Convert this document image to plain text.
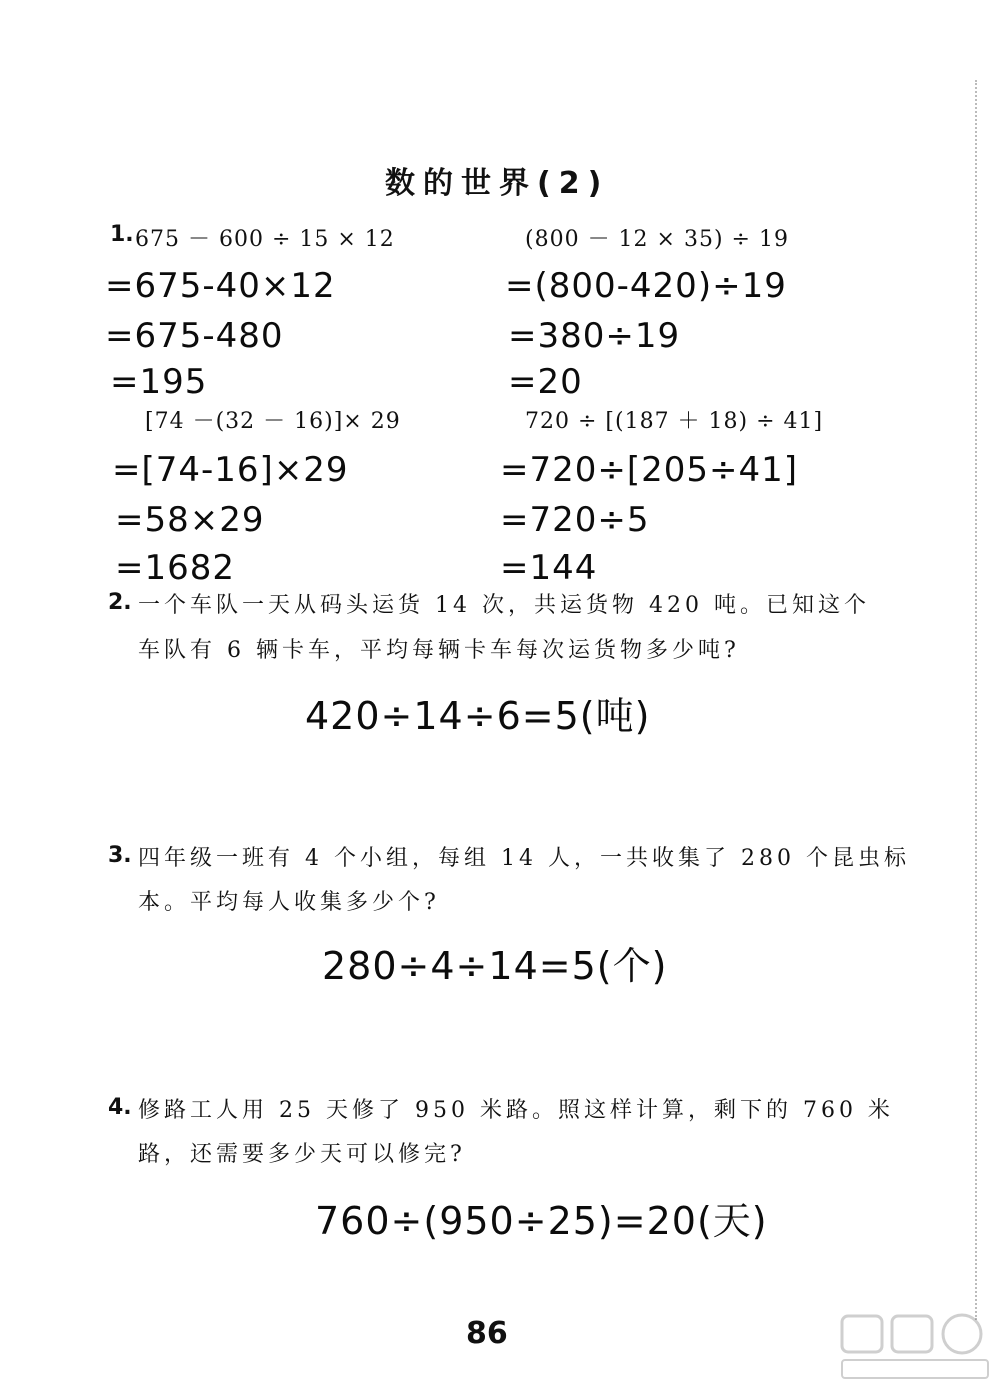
数的世界(2)
1. 675 － 600 ÷ 15 × 12	(800 － 12 × 35) ÷ 19
=675-40×12
=675-480
=195
=(800-420)÷19
=380÷19
=20
[74 －(32 － 16)]× 29	720 ÷ [(187 ＋ 18) ÷ 41]
=[74-16]×29
=58×29
=1682
=720÷[205÷41]
=720÷5
=144
2. 一个车队一天从码头运货 14 次，共运货物 420 吨。已知这个
车队有 6 辆卡车，平均每辆卡车每次运货物多少吨?
420÷14÷6=5(吨)
3. 四年级一班有 4 个小组，每组 14 人，一共收集了 280 个昆虫标
本。平均每人收集多少个?
280÷4÷14=5(个)
4. 修路工人用 25 天修了 950 米路。照这样计算，剩下的 760 米
路，还需要多少天可以修完?
760÷(950÷25)=20(天)
86
